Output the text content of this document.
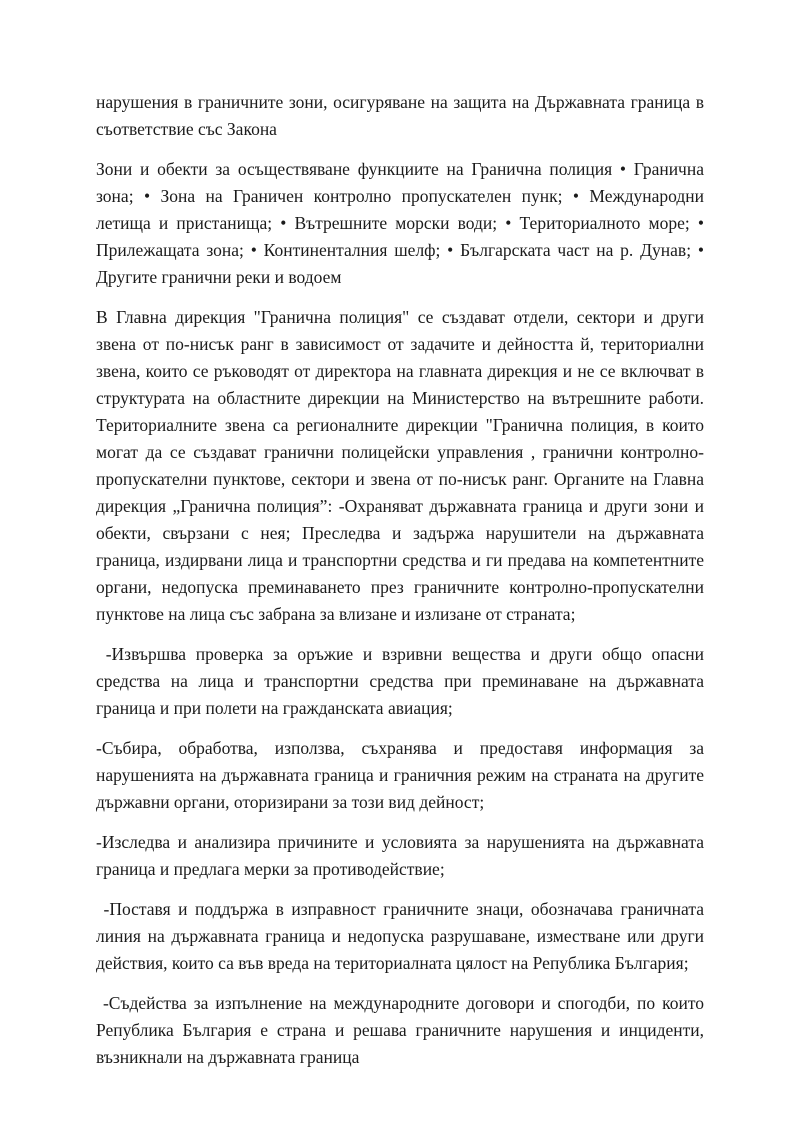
нарушения в граничните зони, осигуряване на защита на Държавната граница в съответствие със Закона

Зони и обекти за осъществяване функциите на Гранична полиция • Гранична зона; • Зона на Граничен контролно пропускателен пунк; • Международни летища и пристанища; • Вътрешните морски води; • Териториалното море; • Прилежащата зона; • Континенталния шелф; • Българската част на р. Дунав; • Другите гранични реки и водоем

В Главна дирекция "Гранична полиция" се създават отдели, сектори и други звена от по-нисък ранг в зависимост от задачите и дейността й, териториални звена, които се ръководят от директора на главната дирекция и не се включват в структурата на областните дирекции на Министерство на вътрешните работи. Териториалните звена са регионалните дирекции "Гранична полиция, в които могат да се създават гранични полицейски управления , гранични контролно-пропускателни пунктове, сектори и звена от по-нисък ранг. Органите на Главна дирекция „Гранична полиция”: -Охраняват държавната граница и други зони и обекти, свързани с нея; Преследва и задържа нарушители на държавната граница, издирвани лица и транспортни средства и ги предава на компетентните органи, недопуска преминаването през граничните контролно-пропускателни пунктове на лица със забрана за влизане и излизане от страната;

-Извършва проверка за оръжие и взривни вещества и други общо опасни средства на лица и транспортни средства при преминаване на държавната граница и при полети на гражданската авиация;

-Събира, обработва, използва, съхранява и предоставя информация за нарушенията на държавната граница и граничния режим на страната на другите държавни органи, оторизирани за този вид дейност;

-Изследва и анализира причините и условията за нарушенията на държавната граница и предлага мерки за противодействие;

-Поставя и поддържа в изправност граничните знаци, обозначава граничната линия на държавната граница и недопуска разрушаване, изместване или други действия, които са във вреда на териториалната цялост на Република България;

-Съдейства за изпълнение на международните договори и спогодби, по които Република България е страна и решава граничните нарушения и инциденти, възникнали на държавната граница
